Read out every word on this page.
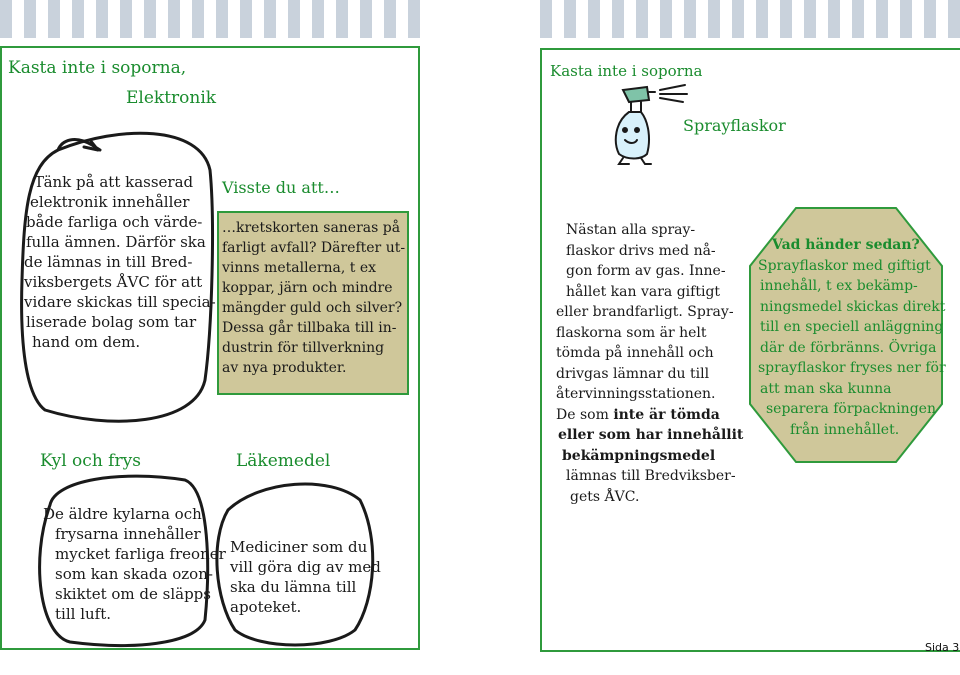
Kasta inte i soporna,
Elektronik

Tänk på att kasserad

elektronik innehåller

både farliga och värde-

fulla ämnen. Därför ska

de lämnas in till Bred-

viksbergets ÅVC för att

vidare skickas till specia-

liserade bolag som tar

hand om dem.

Visste du att…

…kretskorten saneras på

farligt avfall? Därefter ut-

vinns metallerna, t ex

koppar, järn och mindre

mängder guld och silver?

Dessa går tillbaka till in-

dustrin för tillverkning

av nya produkter.

Kyl och frys

De äldre kylarna och

frysarna innehåller

mycket farliga freoner

som kan skada ozon-

skiktet om de släpps

till luft.

Läkemedel

Mediciner som du

vill göra dig av med

ska du lämna till

apoteket.

Kasta inte i soporna
Sprayflaskor

Nästan alla spray-

flaskor drivs med nå-

gon form av gas. Inne-

hållet kan vara giftigt

eller brandfarligt. Spray-

flaskorna som är helt

tömda på innehåll och

drivgas lämnar du till

återvinningsstationen.

De som inte är tömda

eller som har innehållit

bekämpningsmedel

lämnas till Bredviksber-

gets ÅVC.

Vad händer sedan?

Sprayflaskor med giftigt

innehåll, t ex bekämp-

ningsmedel skickas direkt

till en speciell anläggning

där de förbränns. Övriga

sprayflaskor fryses ner för

att man ska kunna

separera förpackningen

från innehållet.

Sida 3
